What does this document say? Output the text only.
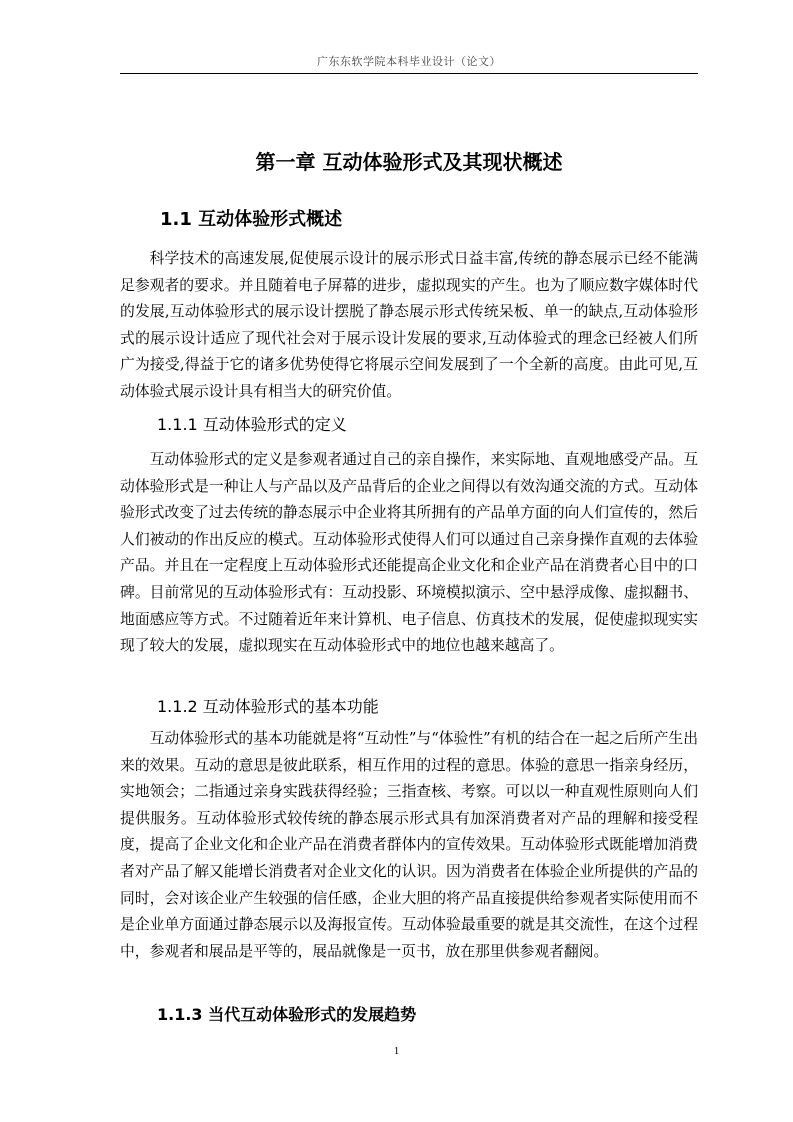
广东东软学院本科毕业设计（论文）
第一章 互动体验形式及其现状概述
1.1 互动体验形式概述

科学技术的高速发展,促使展示设计的展示形式日益丰富,传统的静态展示已经不能满足参观者的要求。并且随着电子屏幕的进步，虚拟现实的产生。也为了顺应数字媒体时代的发展,互动体验形式的展示设计摆脱了静态展示形式传统呆板、单一的缺点,互动体验形式的展示设计适应了现代社会对于展示设计发展的要求,互动体验式的理念已经被人们所广为接受,得益于它的诸多优势使得它将展示空间发展到了一个全新的高度。由此可见,互动体验式展示设计具有相当大的研究价值。

1.1.1 互动体验形式的定义

互动体验形式的定义是参观者通过自己的亲自操作，来实际地、直观地感受产品。互动体验形式是一种让人与产品以及产品背后的企业之间得以有效沟通交流的方式。互动体验形式改变了过去传统的静态展示中企业将其所拥有的产品单方面的向人们宣传的，然后人们被动的作出反应的模式。互动体验形式使得人们可以通过自己亲身操作直观的去体验产品。并且在一定程度上互动体验形式还能提高企业文化和企业产品在消费者心目中的口碑。目前常见的互动体验形式有：互动投影、环境模拟演示、空中悬浮成像、虚拟翻书、地面感应等方式。不过随着近年来计算机、电子信息、仿真技术的发展，促使虚拟现实实现了较大的发展，虚拟现实在互动体验形式中的地位也越来越高了。

1.1.2 互动体验形式的基本功能

互动体验形式的基本功能就是将“互动性”与“体验性”有机的结合在一起之后所产生出来的效果。互动的意思是彼此联系，相互作用的过程的意思。体验的意思一指亲身经历，实地领会；二指通过亲身实践获得经验；三指查核、考察。可以以一种直观性原则向人们提供服务。互动体验形式较传统的静态展示形式具有加深消费者对产品的理解和接受程度，提高了企业文化和企业产品在消费者群体内的宣传效果。互动体验形式既能增加消费者对产品了解又能增长消费者对企业文化的认识。因为消费者在体验企业所提供的产品的同时，会对该企业产生较强的信任感，企业大胆的将产品直接提供给参观者实际使用而不是企业单方面通过静态展示以及海报宣传。互动体验最重要的就是其交流性，在这个过程中，参观者和展品是平等的，展品就像是一页书，放在那里供参观者翻阅。

1.1.3 当代互动体验形式的发展趋势
1
